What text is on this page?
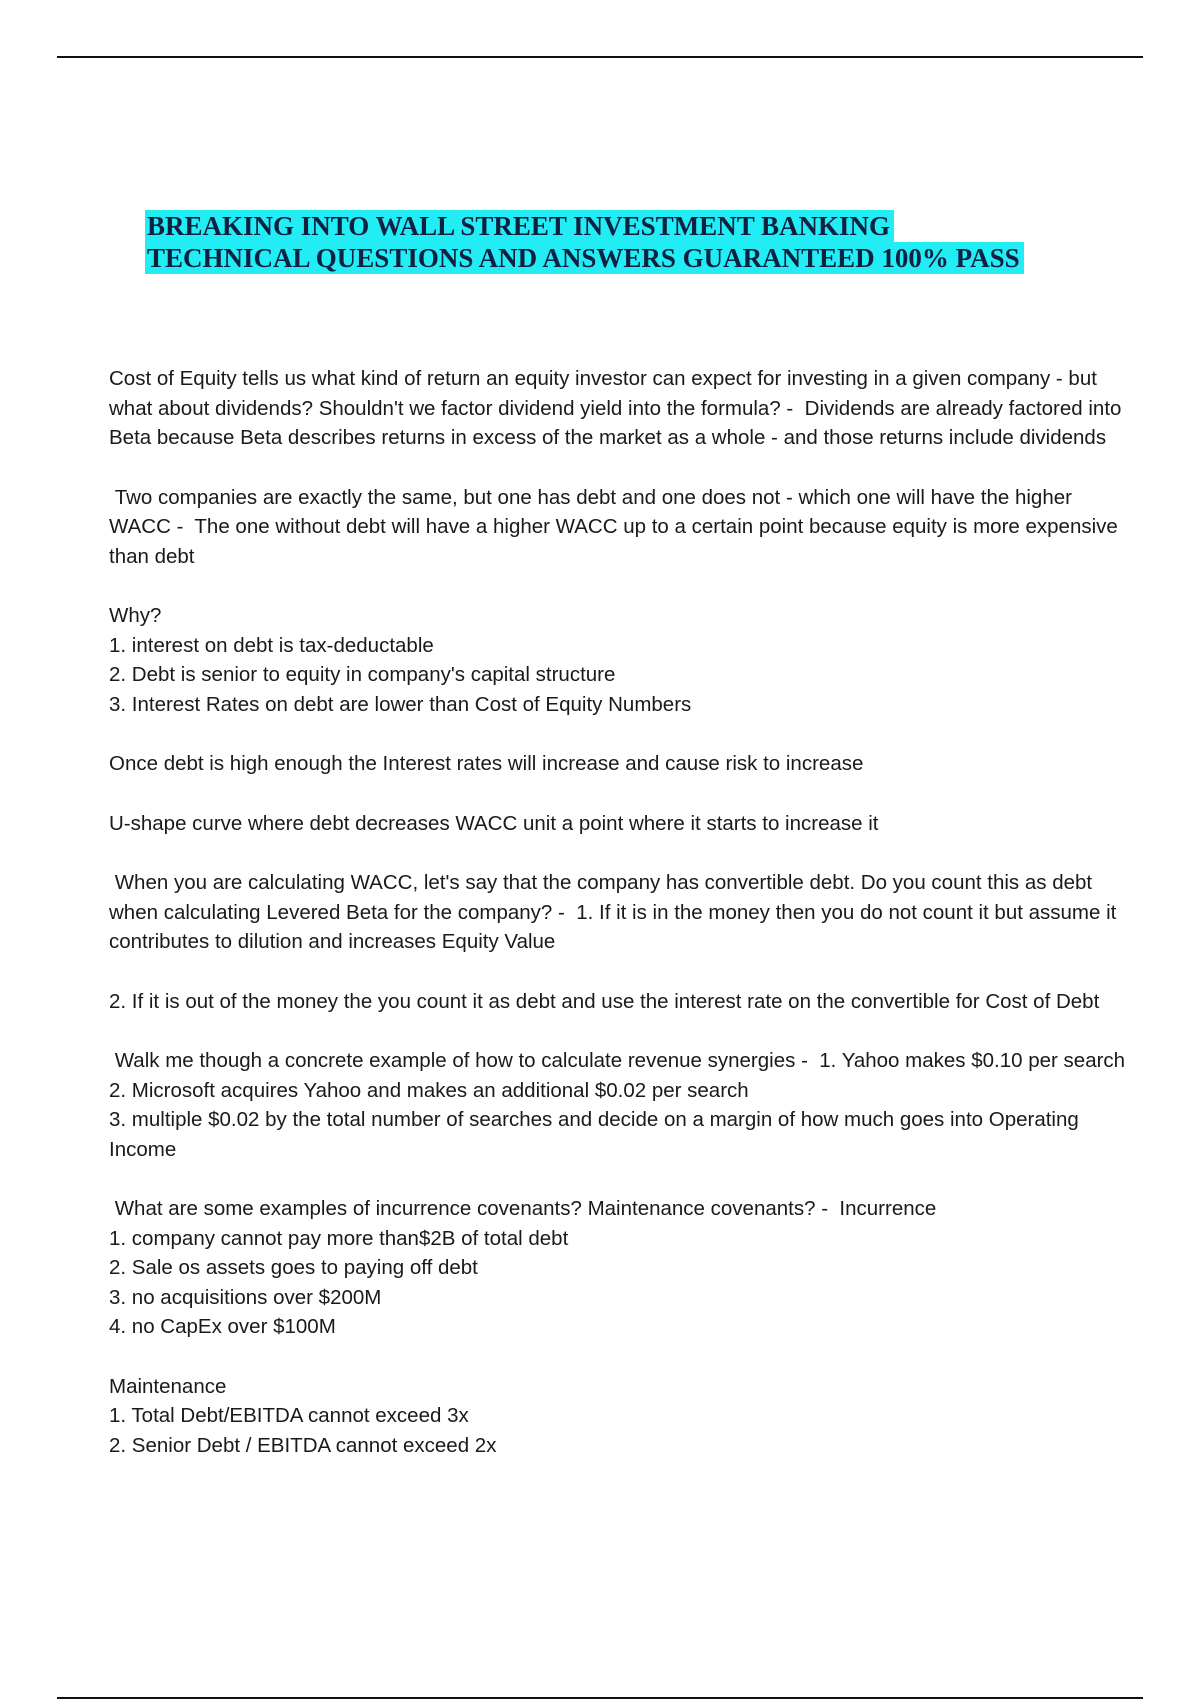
BREAKING INTO WALL STREET INVESTMENT BANKING
TECHNICAL QUESTIONS AND ANSWERS GUARANTEED 100% PASS

Cost of Equity tells us what kind of return an equity investor can expect for investing in a given company - but what about dividends? Shouldn't we factor dividend yield into the formula? -  Dividends are already factored into Beta because Beta describes returns in excess of the market as a whole - and those returns include dividends

Two companies are exactly the same, but one has debt and one does not - which one will have the higher WACC -  The one without debt will have a higher WACC up to a certain point because equity is more expensive than debt

Why?

1. interest on debt is tax-deductable

2. Debt is senior to equity in company's capital structure

3. Interest Rates on debt are lower than Cost of Equity Numbers

Once debt is high enough the Interest rates will increase and cause risk to increase

U-shape curve where debt decreases WACC unit a point where it starts to increase it

When you are calculating WACC, let's say that the company has convertible debt. Do you count this as debt when calculating Levered Beta for the company? -  1. If it is in the money then you do not count it but assume it contributes to dilution and increases Equity Value

2. If it is out of the money the you count it as debt and use the interest rate on the convertible for Cost of Debt

Walk me though a concrete example of how to calculate revenue synergies -  1. Yahoo makes $0.10 per search

2. Microsoft acquires Yahoo and makes an additional $0.02 per search

3. multiple $0.02 by the total number of searches and decide on a margin of how much goes into Operating Income

What are some examples of incurrence covenants? Maintenance covenants? -  Incurrence

1. company cannot pay more than$2B of total debt

2. Sale os assets goes to paying off debt

3. no acquisitions over $200M

4. no CapEx over $100M

Maintenance

1. Total Debt/EBITDA cannot exceed 3x

2. Senior Debt / EBITDA cannot exceed 2x
